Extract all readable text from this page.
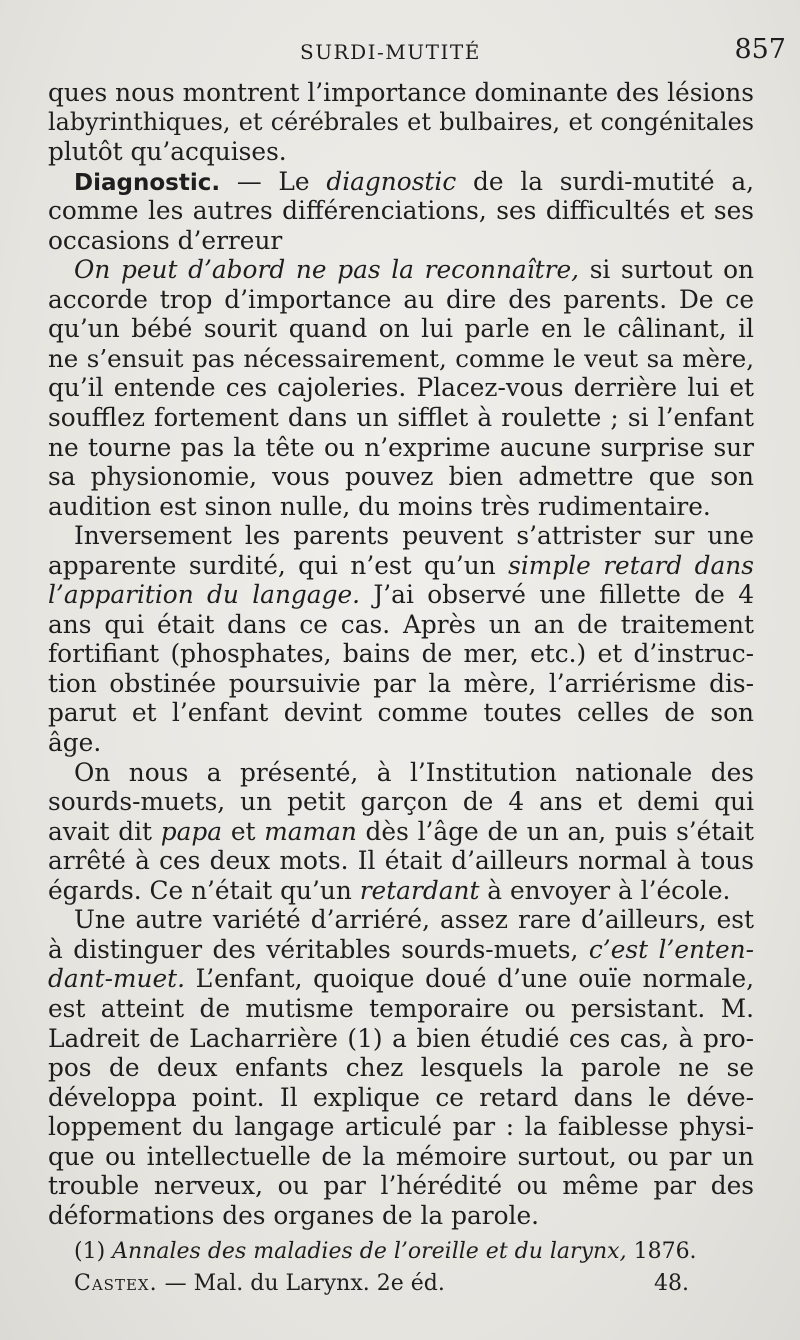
SURDI-MUTITÉ	857
ques nous montrent l’importance dominante des lésions
labyrinthiques, et cérébrales et bulbaires, et congénitales
plutôt qu’acquises.
Diagnostic. — Le diagnostic de la surdi-mutité a,
comme les autres différenciations, ses difficultés et ses
occasions d’erreur
On peut d’abord ne pas la reconnaître, si surtout on
accorde trop d’importance au dire des parents. De ce
qu’un bébé sourit quand on lui parle en le câlinant, il
ne s’ensuit pas nécessairement, comme le veut sa mère,
qu’il entende ces cajoleries. Placez-vous derrière lui et
soufflez fortement dans un sifflet à roulette ; si l’enfant
ne tourne pas la tête ou n’exprime aucune surprise sur
sa physionomie, vous pouvez bien admettre que son
audition est sinon nulle, du moins très rudimentaire.
Inversement les parents peuvent s’attrister sur une
apparente surdité, qui n’est qu’un simple retard dans
l’apparition du langage. J’ai observé une fillette de 4
ans qui était dans ce cas. Après un an de traitement
fortifiant (phosphates, bains de mer, etc.) et d’instruc-
tion obstinée poursuivie par la mère, l’arriérisme dis-
parut et l’enfant devint comme toutes celles de son
âge.
On nous a présenté, à l’Institution nationale des
sourds-muets, un petit garçon de 4 ans et demi qui
avait dit papa et maman dès l’âge de un an, puis s’était
arrêté à ces deux mots. Il était d’ailleurs normal à tous
égards. Ce n’était qu’un retardant à envoyer à l’école.
Une autre variété d’arriéré, assez rare d’ailleurs, est
à distinguer des véritables sourds-muets, c’est l’enten-
dant-muet. L’enfant, quoique doué d’une ouïe normale,
est atteint de mutisme temporaire ou persistant. M.
Ladreit de Lacharrière (1) a bien étudié ces cas, à pro-
pos de deux enfants chez lesquels la parole ne se
développa point. Il explique ce retard dans le déve-
loppement du langage articulé par : la faiblesse physi-
que ou intellectuelle de la mémoire surtout, ou par un
trouble nerveux, ou par l’hérédité ou même par des
déformations des organes de la parole.
(1) Annales des maladies de l’oreille et du larynx, 1876.
Castex. — Mal. du Larynx. 2e éd.	48.
